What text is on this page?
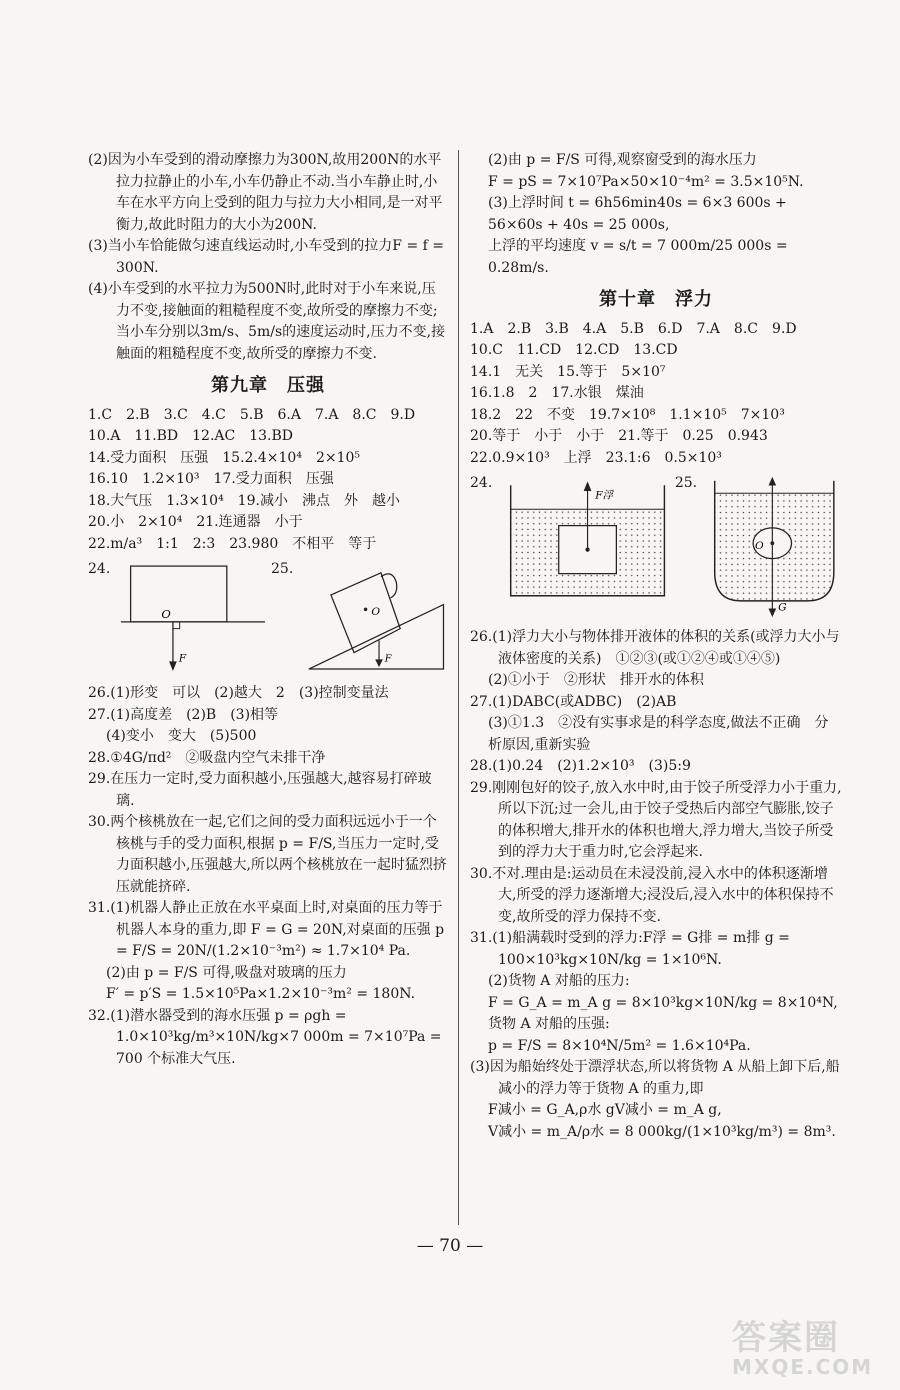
(2)因为小车受到的滑动摩擦力为300N,故用200N的水平拉力拉静止的小车,小车仍静止不动.当小车静止时,小车在水平方向上受到的阻力与拉力大小相同,是一对平衡力,故此时阻力的大小为200N.

(3)当小车恰能做匀速直线运动时,小车受到的拉力F = f = 300N.

(4)小车受到的水平拉力为500N时,此时对于小车来说,压力不变,接触面的粗糙程度不变,故所受的摩擦力不变;当小车分别以3m/s、5m/s的速度运动时,压力不变,接触面的粗糙程度不变,故所受的摩擦力不变.

第九章　压强

1.C　2.B　3.C　4.C　5.B　6.A　7.A　8.C　9.D

10.A　11.BD　12.AC　13.BD

14.受力面积　压强　15.2.4×10⁴　2×10⁵

16.10　1.2×10³　17.受力面积　压强

18.大气压　1.3×10⁴　19.减小　沸点　外　越小

20.小　2×10⁴　21.连通器　小于

22.m/a³　1:1　2:3　23.980　不相平　等于

24.
O
F
25.
O
F

26.(1)形变　可以　(2)越大　2　(3)控制变量法

27.(1)高度差　(2)B　(3)相等

(4)变小　变大　(5)500

28.①4G/πd²　②吸盘内空气未排干净

29.在压力一定时,受力面积越小,压强越大,越容易打碎玻璃.

30.两个核桃放在一起,它们之间的受力面积远远小于一个核桃与手的受力面积,根据 p = F/S,当压力一定时,受力面积越小,压强越大,所以两个核桃放在一起时猛烈挤压就能挤碎.

31.(1)机器人静止正放在水平桌面上时,对桌面的压力等于机器人本身的重力,即 F = G = 20N,对桌面的压强 p = F/S = 20N/(1.2×10⁻³m²) ≈ 1.7×10⁴ Pa.

(2)由 p = F/S 可得,吸盘对玻璃的压力

F′ = p′S = 1.5×10⁵Pa×1.2×10⁻³m² = 180N.

32.(1)潜水器受到的海水压强 p = ρgh = 1.0×10³kg/m³×10N/kg×7 000m = 7×10⁷Pa = 700 个标准大气压.

(2)由 p = F/S 可得,观察窗受到的海水压力

F = pS = 7×10⁷Pa×50×10⁻⁴m² = 3.5×10⁵N.

(3)上浮时间 t = 6h56min40s = 6×3 600s + 56×60s + 40s = 25 000s,

上浮的平均速度 v = s/t = 7 000m/25 000s = 0.28m/s.

第十章　浮力

1.A　2.B　3.B　4.A　5.B　6.D　7.A　8.C　9.D

10.C　11.CD　12.CD　13.CD

14.1　无关　15.等于　5×10⁷

16.1.8　2　17.水银　煤油

18.2　22　不变　19.7×10⁸　1.1×10⁵　7×10³

20.等于　小于　小于　21.等于　0.25　0.943

22.0.9×10³　上浮　23.1:6　0.5×10³

24.
F浮
25.
O
G

26.(1)浮力大小与物体排开液体的体积的关系(或浮力大小与液体密度的关系)　①②③(或①②④或①④⑤)

(2)①小于　②形状　排开水的体积

27.(1)DABC(或ADBC)　(2)AB

(3)①1.3　②没有实事求是的科学态度,做法不正确　分析原因,重新实验

28.(1)0.24　(2)1.2×10³　(3)5:9

29.刚刚包好的饺子,放入水中时,由于饺子所受浮力小于重力,所以下沉;过一会儿,由于饺子受热后内部空气膨胀,饺子的体积增大,排开水的体积也增大,浮力增大,当饺子所受到的浮力大于重力时,它会浮起来.

30.不对.理由是:运动员在未浸没前,浸入水中的体积逐渐增大,所受的浮力逐渐增大;浸没后,浸入水中的体积保持不变,故所受的浮力保持不变.

31.(1)船满载时受到的浮力:F浮 = G排 = m排 g = 100×10³kg×10N/kg = 1×10⁶N.

(2)货物 A 对船的压力:

F = G_A = m_A g = 8×10³kg×10N/kg = 8×10⁴N,

货物 A 对船的压强:

p = F/S = 8×10⁴N/5m² = 1.6×10⁴Pa.

(3)因为船始终处于漂浮状态,所以将货物 A 从船上卸下后,船减小的浮力等于货物 A 的重力,即

F减小 = G_A,ρ水 gV减小 = m_A g,

V减小 = m_A/ρ水 = 8 000kg/(1×10³kg/m³) = 8m³.

— 70 —
答案圈
MXQE.COM
